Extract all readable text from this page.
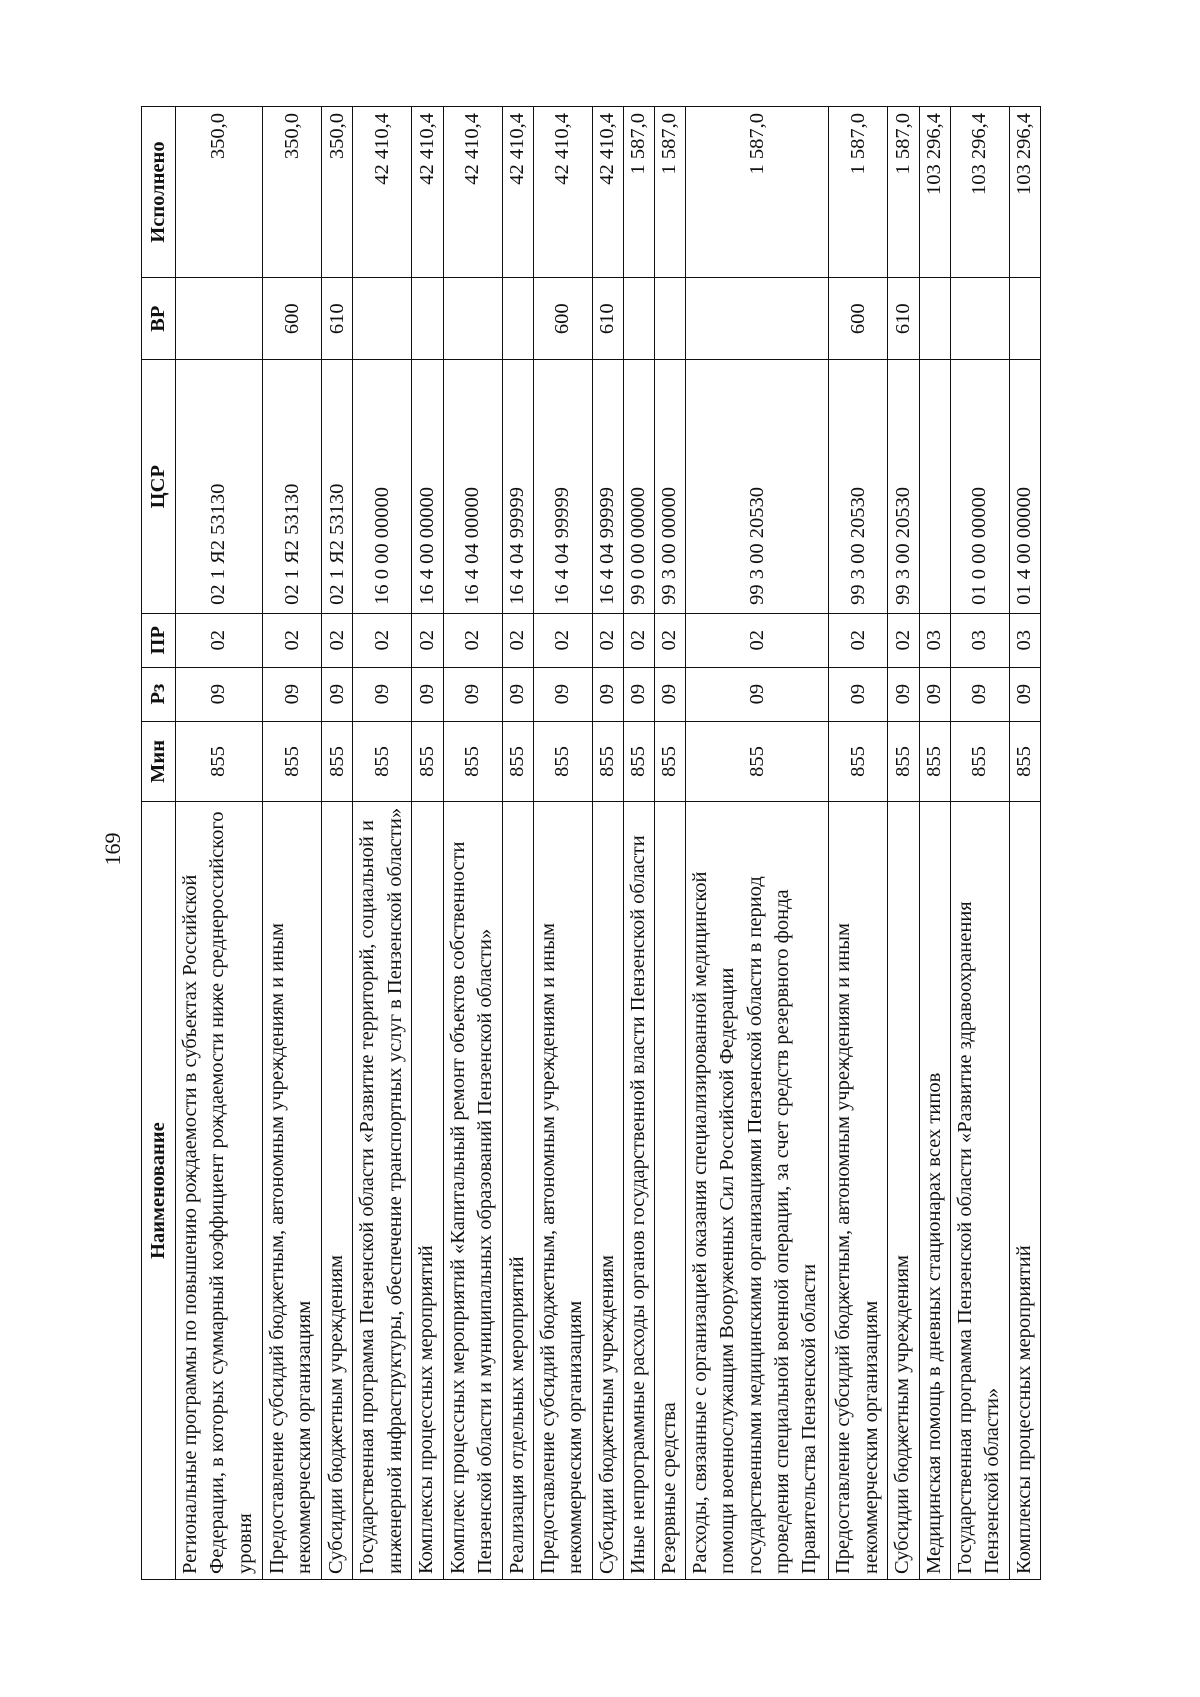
169
Наименование	Мин	Рз	ПР	ЦСР	ВР	Исполнено
Региональные программы по повышению рождаемости в субъектах Российской Федерации, в которых суммарный коэффициент рождаемости ниже среднероссийского уровня	855	09	02	02 1 Я2 53130		350,0
Предоставление субсидий бюджетным, автономным учреждениям и иным некоммерческим организациям	855	09	02	02 1 Я2 53130	600	350,0
Субсидии бюджетным учреждениям	855	09	02	02 1 Я2 53130	610	350,0
Государственная программа Пензенской области «Развитие территорий, социальной и инженерной инфраструктуры, обеспечение транспортных услуг в Пензенской области»	855	09	02	16 0 00 00000		42 410,4
Комплексы процессных мероприятий	855	09	02	16 4 00 00000		42 410,4
Комплекс процессных мероприятий «Капитальный ремонт объектов собственности Пензенской области и муниципальных образований Пензенской области»	855	09	02	16 4 04 00000		42 410,4
Реализация отдельных мероприятий	855	09	02	16 4 04 99999		42 410,4
Предоставление субсидий бюджетным, автономным учреждениям и иным некоммерческим организациям	855	09	02	16 4 04 99999	600	42 410,4
Субсидии бюджетным учреждениям	855	09	02	16 4 04 99999	610	42 410,4
Иные непрограммные расходы органов государственной власти Пензенской области	855	09	02	99 0 00 00000		1 587,0
Резервные средства	855	09	02	99 3 00 00000		1 587,0
Расходы, связанные с организацией оказания специализированной медицинской помощи военнослужащим Вооруженных Сил Российской Федерации государственными медицинскими организациями Пензенской области в период проведения специальной военной операции, за счет средств резервного фонда Правительства Пензенской области	855	09	02	99 3 00 20530		1 587,0
Предоставление субсидий бюджетным, автономным учреждениям и иным некоммерческим организациям	855	09	02	99 3 00 20530	600	1 587,0
Субсидии бюджетным учреждениям	855	09	02	99 3 00 20530	610	1 587,0
Медицинская помощь в дневных стационарах всех типов	855	09	03			103 296,4
Государственная программа Пензенской области «Развитие здравоохранения Пензенской области»	855	09	03	01 0 00 00000		103 296,4
Комплексы процессных мероприятий	855	09	03	01 4 00 00000		103 296,4
